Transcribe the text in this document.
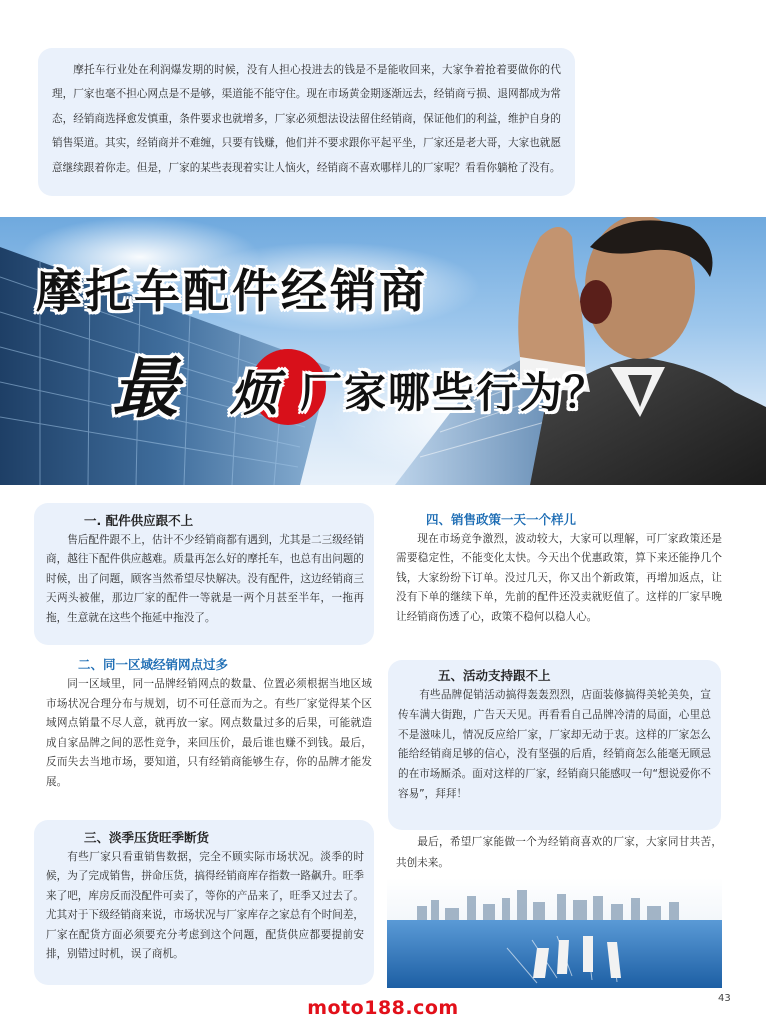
摩托车行业处在利润爆发期的时候，没有人担心投进去的钱是不是能收回来，大家争着抢着要做你的代理，厂家也毫不担心网点是不是够，渠道能不能守住。现在市场黄金期逐渐远去，经销商亏损、退网都成为常态，经销商选择愈发慎重，条件要求也就增多，厂家必须想法设法留住经销商，保证他们的利益，维护自身的销售渠道。其实，经销商并不难缠，只要有钱赚，他们并不要求跟你平起平坐，厂家还是老大哥，大家也就愿意继续跟着你走。但是，厂家的某些表现着实让人恼火，经销商不喜欢哪样儿的厂家呢？看看你躺枪了没有。

摩托车配件经销商
最 烦 厂家哪些行为？

一. 配件供应跟不上

售后配件跟不上，估计不少经销商都有遇到，尤其是二三级经销商，越往下配件供应越难。质量再怎么好的摩托车，也总有出问题的时候，出了问题，顾客当然希望尽快解决。没有配件，这边经销商三天两头被催，那边厂家的配件一等就是一两个月甚至半年，一拖再拖，生意就在这些个拖延中拖没了。

二、同一区域经销网点过多

同一区域里，同一品牌经销网点的数量、位置必须根据当地区域市场状况合理分布与规划，切不可任意而为之。有些厂家觉得某个区域网点销量不尽人意，就再放一家。网点数量过多的后果，可能就造成自家品牌之间的恶性竞争，来回压价，最后谁也赚不到钱。最后，反而失去当地市场，要知道，只有经销商能够生存，你的品牌才能发展。

三、淡季压货旺季断货

有些厂家只看重销售数据，完全不顾实际市场状况。淡季的时候，为了完成销售，拼命压货，搞得经销商库存指数一路飙升。旺季来了吧，库房反而没配件可卖了，等你的产品来了，旺季又过去了。尤其对于下级经销商来说，市场状况与厂家库存之家总有个时间差，厂家在配货方面必须要充分考虑到这个问题，配货供应都要提前安排，别错过时机，误了商机。

四、销售政策一天一个样儿

现在市场竞争激烈，波动较大，大家可以理解，可厂家政策还是需要稳定性，不能变化太快。今天出个优惠政策，算下来还能挣几个钱，大家纷纷下订单。没过几天，你又出个新政策，再增加返点，让没有下单的继续下单，先前的配件还没卖就贬值了。这样的厂家早晚让经销商伤透了心，政策不稳何以稳人心。

五、活动支持跟不上

有些品牌促销活动搞得轰轰烈烈，店面装修搞得美轮美奂，宣传车满大街跑，广告天天见。再看看自己品牌冷清的局面，心里总不是滋味儿，情况反应给厂家，厂家却无动于衷。这样的厂家怎么能给经销商足够的信心，没有坚强的后盾，经销商怎么能毫无顾忌的在市场厮杀。面对这样的厂家，经销商只能感叹一句“想说爱你不容易”，拜拜！

最后，希望厂家能做一个为经销商喜欢的厂家，大家同甘共苦，共创未来。

43
moto188.com
